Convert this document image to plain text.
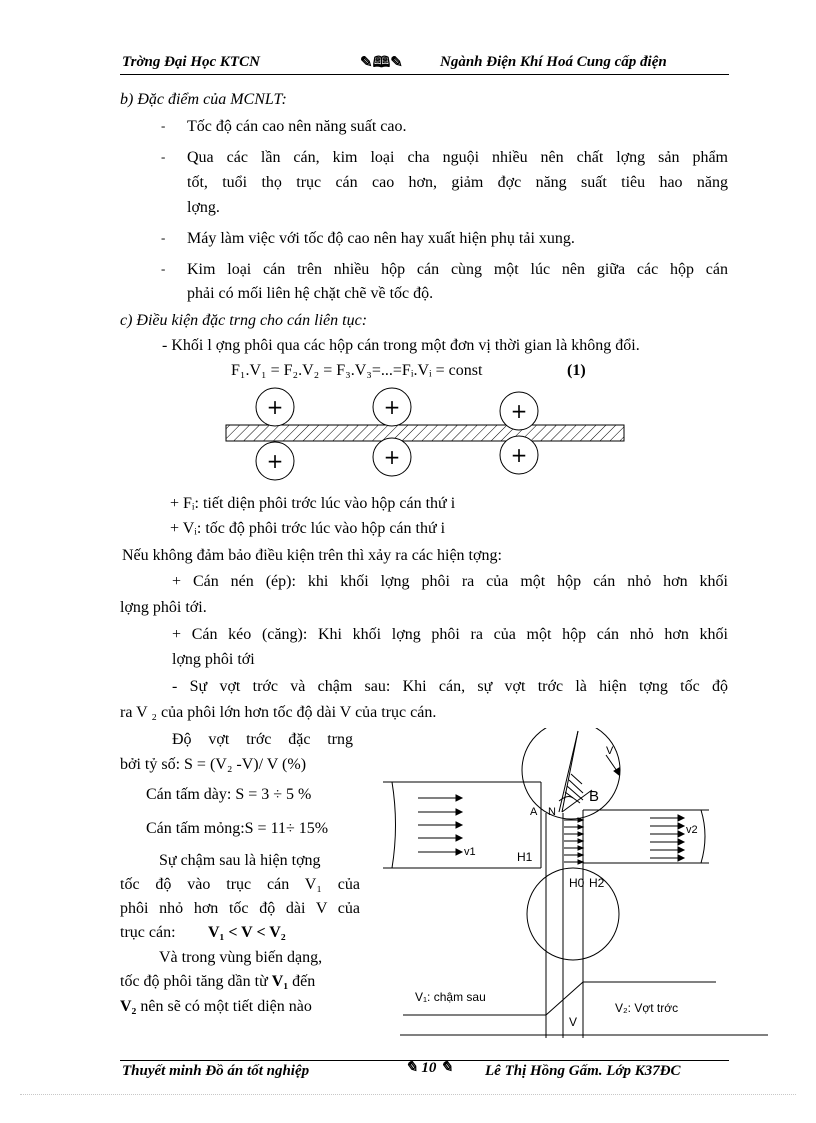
Trờng Đại Học KTCN	✎🕮✎ Ngành Điện Khí Hoá Cung cấp điện
b) Đặc điểm của MCNLT:
- Tốc độ cán cao nên năng suất cao.
- Qua các lần cán, kim loại cha nguội nhiều nên chất lợng sản phẩm
tốt, tuổi thọ trục cán cao hơn, giảm đợc năng suất tiêu hao năng
lợng.
- Máy làm việc với tốc độ cao nên hay xuất hiện phụ tải xung.
- Kim loại cán trên nhiều hộp cán cùng một lúc nên giữa các hộp cán
phải có mối liên hệ chặt chẽ về tốc độ.
c) Điều kiện đặc trng cho cán liên tục:
- Khối l ợng phôi qua các hộp cán trong một đơn vị thời gian là không đổi.
F₁.V₁ = F₂.V₂ = F₃.V₃=...=Fᵢ.Vᵢ = const	(1)
+	+	+
+	+	+
+ Fᵢ: tiết diện phôi trớc lúc vào hộp cán thứ i
+ Vᵢ: tốc độ phôi trớc lúc vào hộp cán thứ i
Nếu không đảm bảo điều kiện trên thì xảy ra các hiện tợng:
+ Cán nén (ép): khi khối lợng phôi ra của một hộp cán nhỏ hơn khối
lợng phôi tới.
+ Cán kéo (căng): Khi khối lợng phôi ra của một hộp cán nhỏ hơn khối
lợng phôi tới
- Sự vợt trớc và chậm sau: Khi cán, sự vợt trớc là hiện tợng tốc độ
ra V ₂ của phôi lớn hơn tốc độ dài V của trục cán.
Độ vợt trớc đặc trng
bởi tỷ số: S = (V₂ -V)/ V (%)
Cán tấm dày: S = 3 ÷ 5 %
Cán tấm mỏng:S = 11÷ 15%
Sự chậm sau là hiện tợng
tốc độ vào trục cán V₁ của
phôi nhỏ hơn tốc độ dài V của
trục cán: V₁ < V < V₂
Và trong vùng biến dạng,
tốc độ phôi tăng dần từ V₁ đến
V₂ nên sẽ có một tiết diện nào
V
B
A N
v2
v1	H1
H0 H2
V₁: chậm sau
V₂: Vợt trớc
V
Thuyết minh Đồ án tốt nghiệp	✎ 10 ✎ Lê Thị Hồng Gấm. Lớp K37ĐC
